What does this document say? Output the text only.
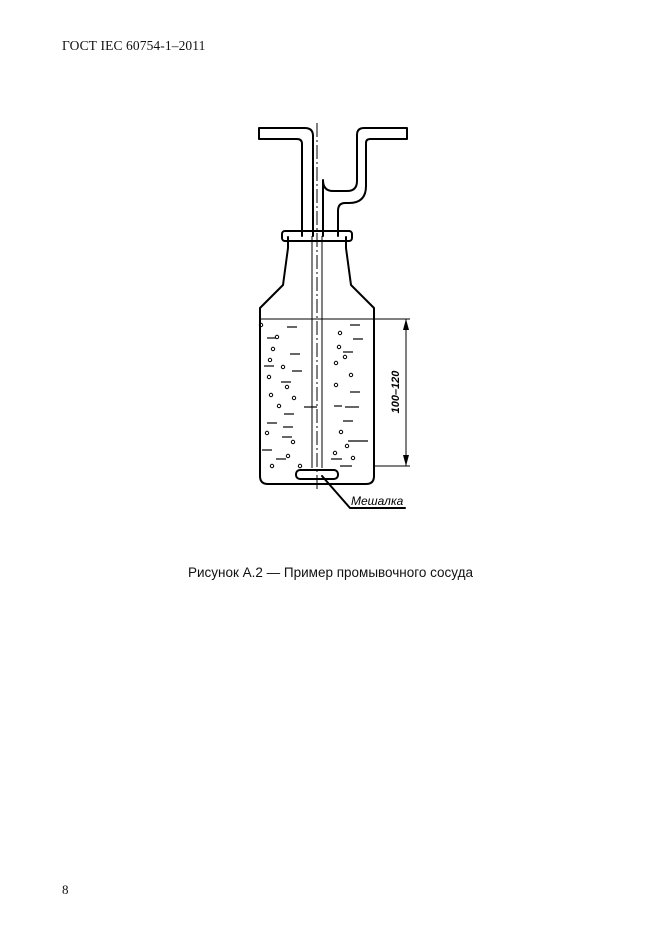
ГОСТ IEC 60754-1–2011
100–120
Мешалка
Рисунок А.2 — Пример промывочного сосуда
8
